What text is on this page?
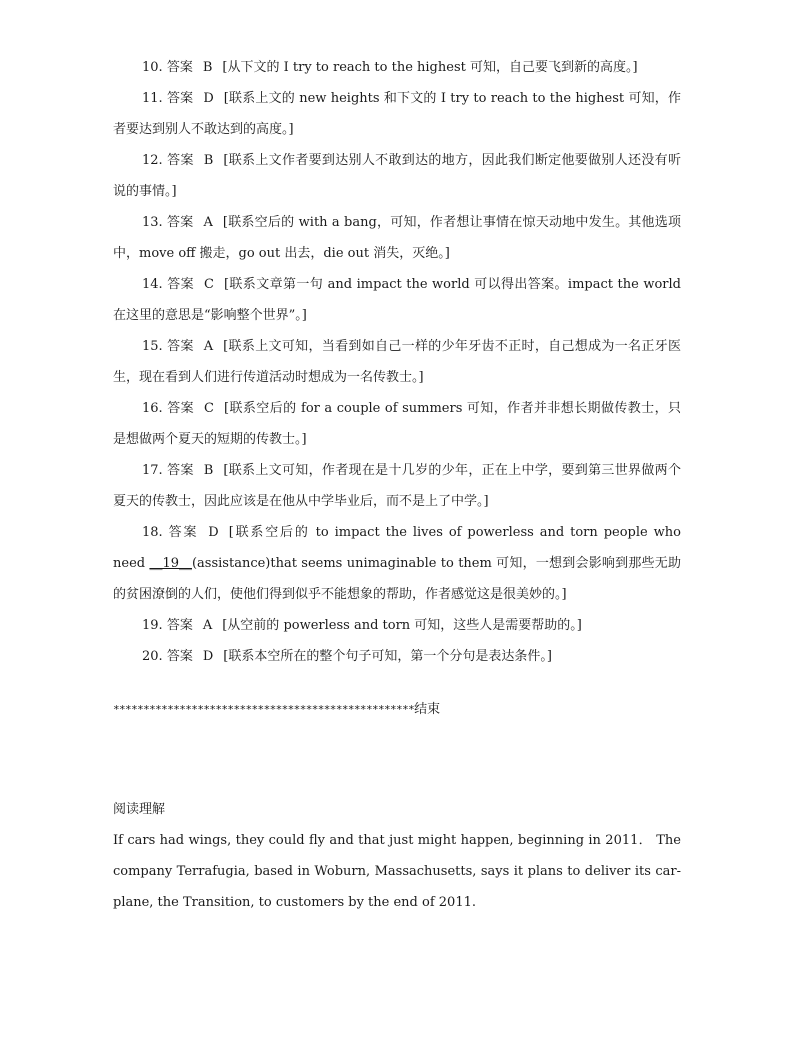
10. 答案 B [从下文的 I try to reach to the highest 可知，自己要飞到新的高度。]

11. 答案 D [联系上文的 new heights 和下文的 I try to reach to the highest 可知，作者要达到别人不敢达到的高度。]

12. 答案 B [联系上文作者要到达别人不敢到达的地方，因此我们断定他要做别人还没有听说的事情。]

13. 答案 A [联系空后的 with a bang，可知，作者想让事情在惊天动地中发生。其他选项中，move off 搬走，go out 出去，die out 消失，灭绝。]

14. 答案 C [联系文章第一句 and impact the world 可以得出答案。impact the world 在这里的意思是“影响整个世界”。]

15. 答案 A [联系上文可知，当看到如自己一样的少年牙齿不正时，自己想成为一名正牙医生，现在看到人们进行传道活动时想成为一名传教士。]

16. 答案 C [联系空后的 for a couple of summers 可知，作者并非想长期做传教士，只是想做两个夏天的短期的传教士。]

17. 答案 B [联系上文可知，作者现在是十几岁的少年，正在上中学，要到第三世界做两个夏天的传教士，因此应该是在他从中学毕业后，而不是上了中学。]

18. 答案 D [联系空后的 to impact the lives of powerless and torn people who need __19__(assistance)that seems unimaginable to them 可知，一想到会影响到那些无助的贫困潦倒的人们，使他们得到似乎不能想象的帮助，作者感觉这是很美妙的。]

19. 答案 A [从空前的 powerless and torn 可知，这些人是需要帮助的。]

20. 答案 D [联系本空所在的整个句子可知，第一个分句是表达条件。]

**************************************************结束
阅读理解

If cars had wings, they could fly and that just might happen, beginning in 2011． The company Terrafugia, based in Woburn, Massachusetts, says it plans to deliver its car-plane, the Transition, to customers by the end of 2011.
